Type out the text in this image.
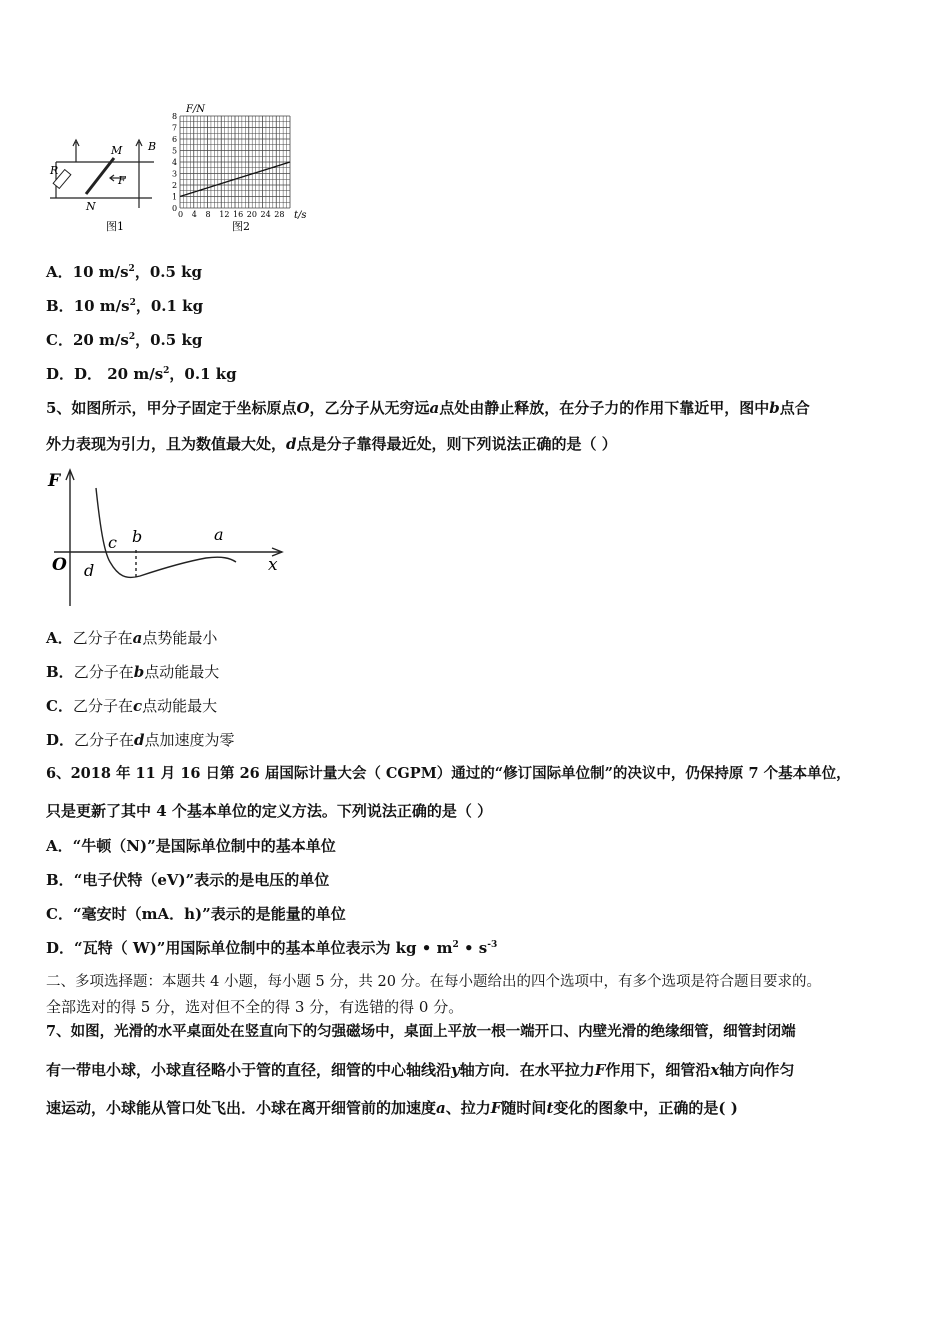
M B
R
F
N
图1
0 4 8 12 16 20 24 28
8
7
6
5
4
3
2
1
0
F/N
t/s
图2
A．10 $m/s^2$，0.5 kg
B．10 $m/s^2$，0.1 kg
C．20 $m/s^2$，0.5 kg
D．D． 20 $m/s^2$，0.1 kg
5、如图所示，甲分子固定于坐标原点O，乙分子从无穷远a点处由静止释放，在分子力的作用下靠近甲，图中b点合
外力表现为引力，且为数值最大处，d点是分子靠得最近处，则下列说法正确的是（ ）
F
O	x
d
c b	a
A．乙分子在a点势能最小
B．乙分子在b点动能最大
C．乙分子在c点动能最大
D．乙分子在d点加速度为零
6、2018 年 11 月 16 日第 26 届国际计量大会（ CGPM）通过的“修订国际单位制”的决议中，仍保持原 7 个基本单位，
只是更新了其中 4 个基本单位的定义方法。下列说法正确的是（ ）
A．“牛顿（N)”是国际单位制中的基本单位
B．“电子伏特（eV)”表示的是电压的单位
C．“毫安时（mA．h)”表示的是能量的单位
D．“瓦特（ W)”用国际单位制中的基本单位表示为 kg • $m^2$ • $s^{-3}$
二、多项选择题：本题共 4 小题，每小题 5 分，共 20 分。在每小题给出的四个选项中，有多个选项是符合题目要求的。
全部选对的得 5 分，选对但不全的得 3 分，有选错的得 0 分。
7、如图，光滑的水平桌面处在竖直向下的匀强磁场中，桌面上平放一根一端开口、内壁光滑的绝缘细管，细管封闭端
有一带电小球，小球直径略小于管的直径，细管的中心轴线沿y轴方向．在水平拉力F作用下，细管沿x轴方向作匀
速运动，小球能从管口处飞出．小球在离开细管前的加速度a、拉力F随时间t变化的图象中，正确的是( )
